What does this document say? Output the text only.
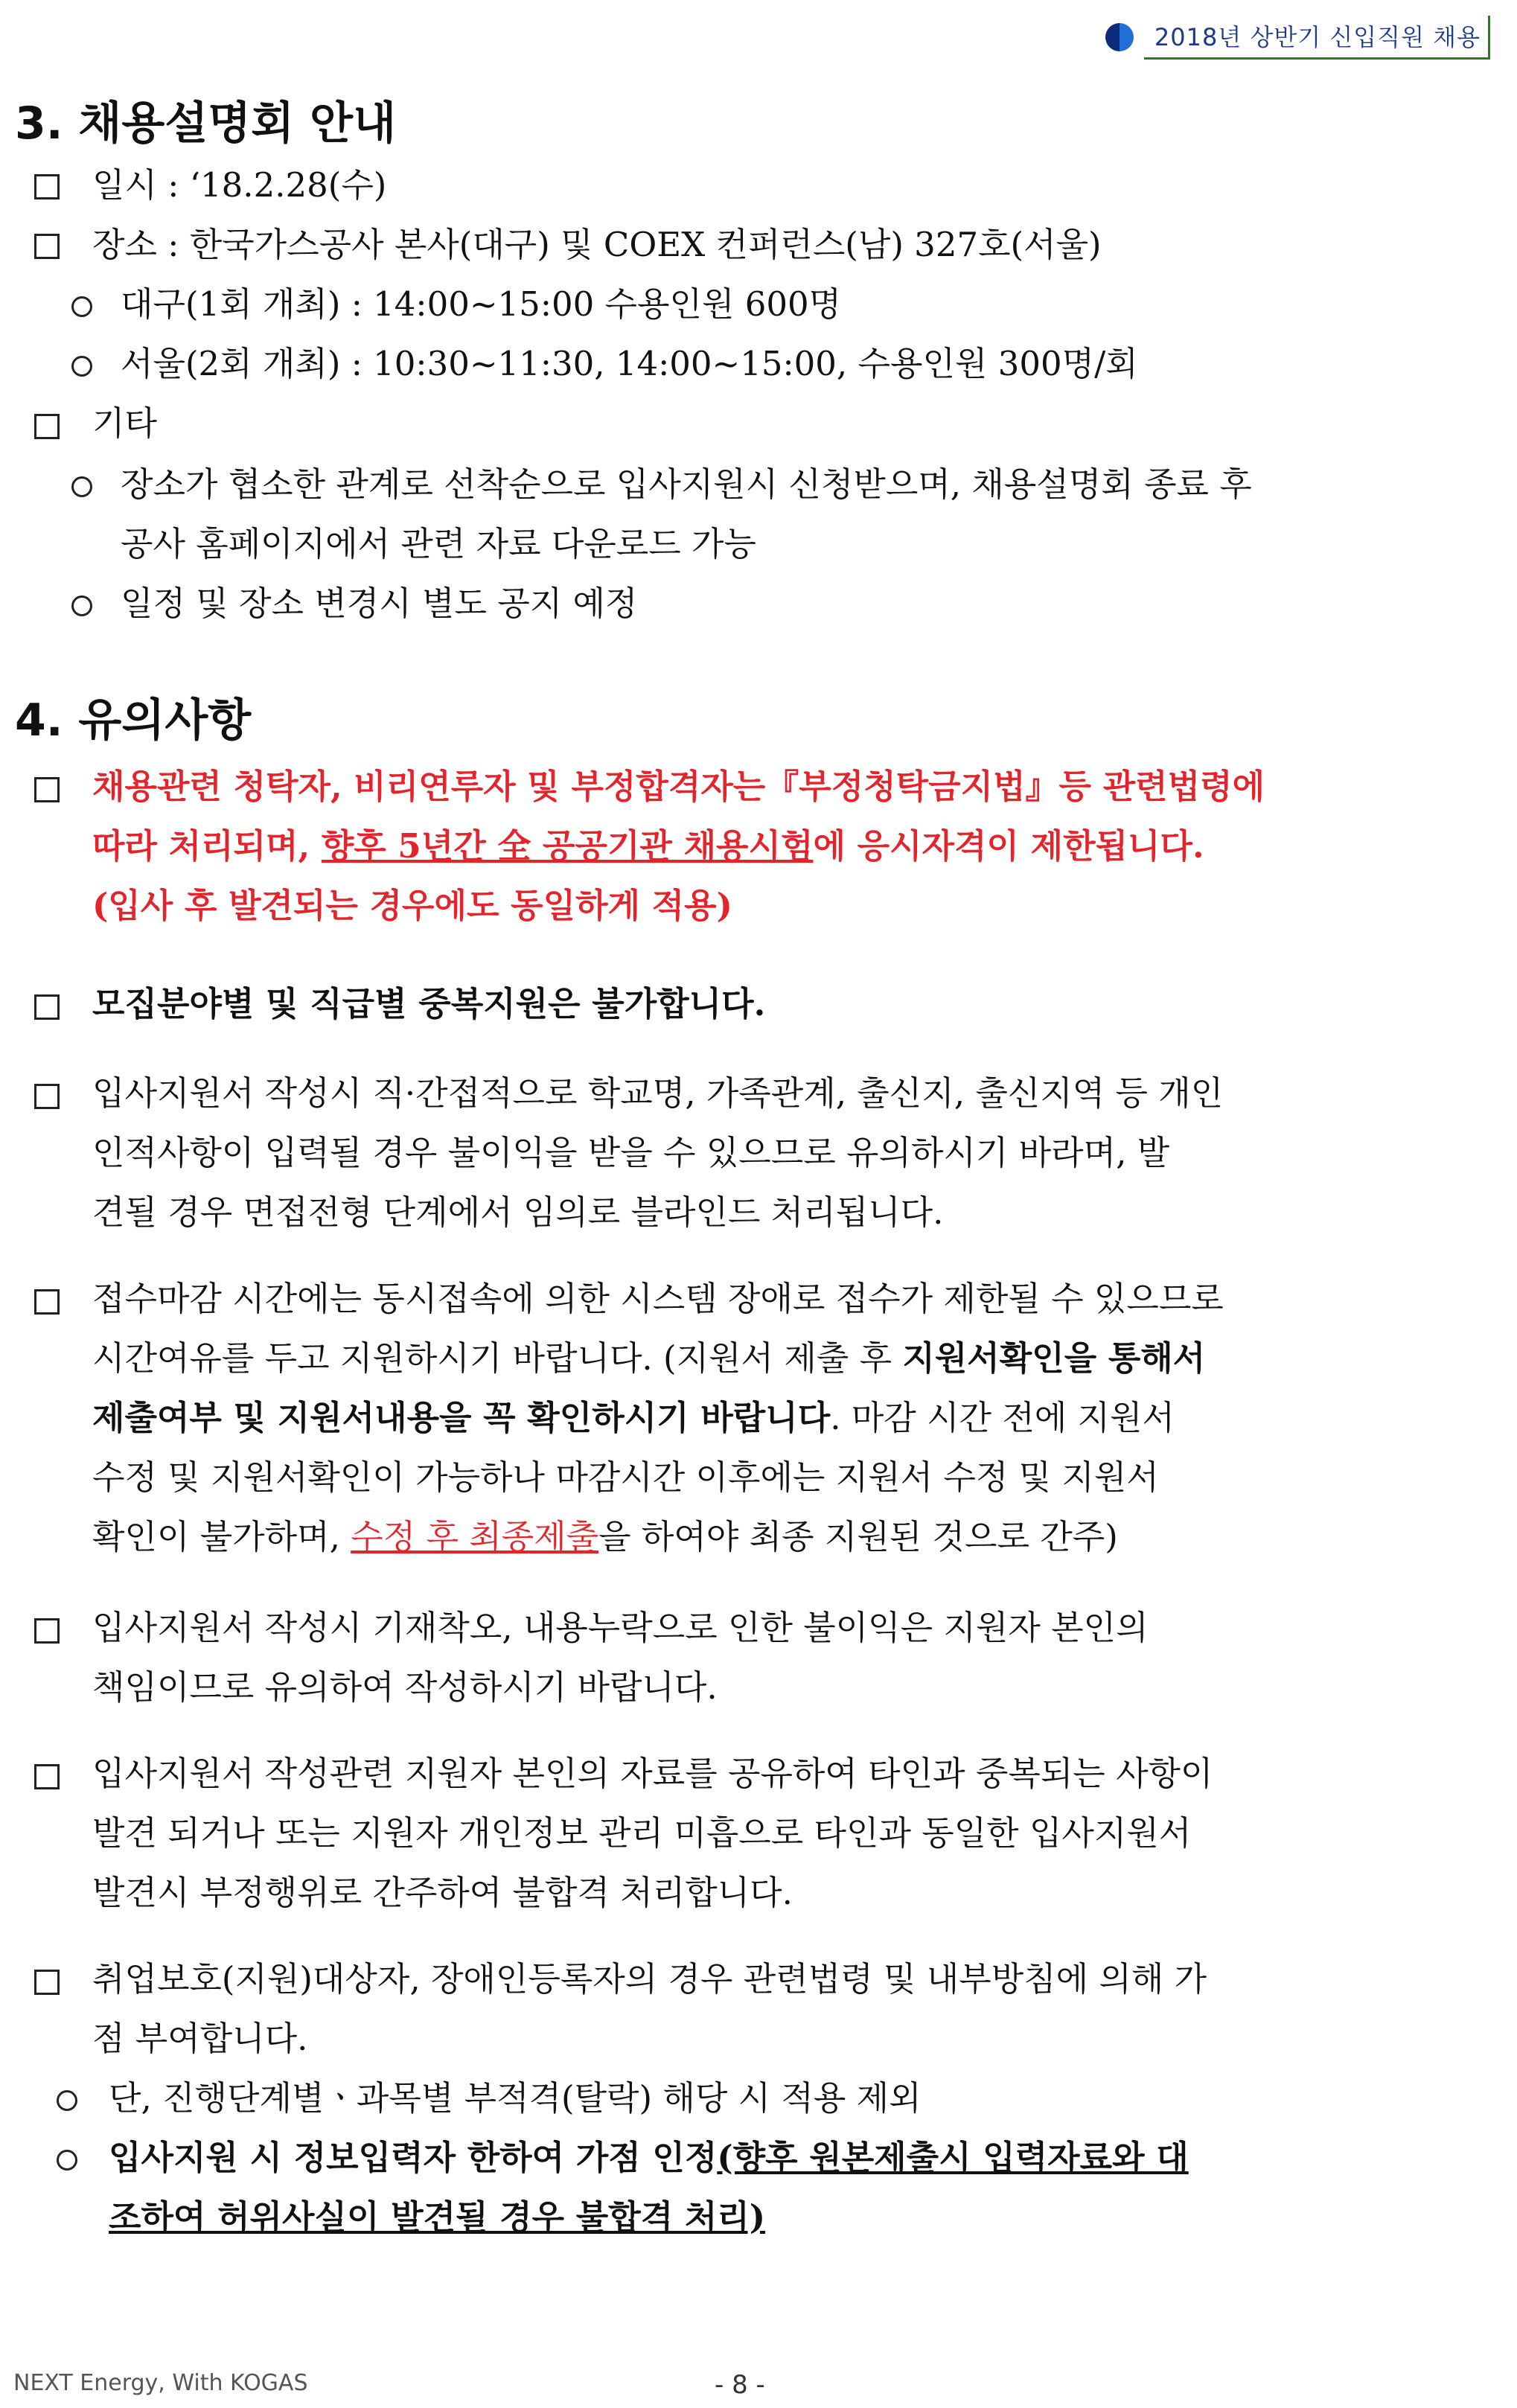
2018년 상반기 신입직원 채용
3. 채용설명회 안내
일시 : ‘18.2.28(수)
장소 : 한국가스공사 본사(대구) 및 COEX 컨퍼런스(남) 327호(서울)
대구(1회 개최) : 14:00~15:00 수용인원 600명
서울(2회 개최) : 10:30~11:30, 14:00~15:00, 수용인원 300명/회
기타
장소가 협소한 관계로 선착순으로 입사지원시 신청받으며, 채용설명회 종료 후
공사 홈페이지에서 관련 자료 다운로드 가능
일정 및 장소 변경시 별도 공지 예정
4. 유의사항
채용관련 청탁자, 비리연루자 및 부정합격자는『부정청탁금지법』등 관련법령에
따라 처리되며, 향후 5년간 全 공공기관 채용시험에 응시자격이 제한됩니다.
(입사 후 발견되는 경우에도 동일하게 적용)
모집분야별 및 직급별 중복지원은 불가합니다.
입사지원서 작성시 직·간접적으로 학교명, 가족관계, 출신지, 출신지역 등 개인
인적사항이 입력될 경우 불이익을 받을 수 있으므로 유의하시기 바라며, 발
견될 경우 면접전형 단계에서 임의로 블라인드 처리됩니다.
접수마감 시간에는 동시접속에 의한 시스템 장애로 접수가 제한될 수 있으므로
시간여유를 두고 지원하시기 바랍니다. (지원서 제출 후 지원서확인을 통해서
제출여부 및 지원서내용을 꼭 확인하시기 바랍니다. 마감 시간 전에 지원서
수정 및 지원서확인이 가능하나 마감시간 이후에는 지원서 수정 및 지원서
확인이 불가하며, 수정 후 최종제출을 하여야 최종 지원된 것으로 간주)
입사지원서 작성시 기재착오, 내용누락으로 인한 불이익은 지원자 본인의
책임이므로 유의하여 작성하시기 바랍니다.
입사지원서 작성관련 지원자 본인의 자료를 공유하여 타인과 중복되는 사항이
발견 되거나 또는 지원자 개인정보 관리 미흡으로 타인과 동일한 입사지원서
발견시 부정행위로 간주하여 불합격 처리합니다.
취업보호(지원)대상자, 장애인등록자의 경우 관련법령 및 내부방침에 의해 가
점 부여합니다.
단, 진행단계별ㆍ과목별 부적격(탈락) 해당 시 적용 제외
입사지원 시 정보입력자 한하여 가점 인정(향후 원본제출시 입력자료와 대
조하여 허위사실이 발견될 경우 불합격 처리)
NEXT Energy, With KOGAS	- 8 -
